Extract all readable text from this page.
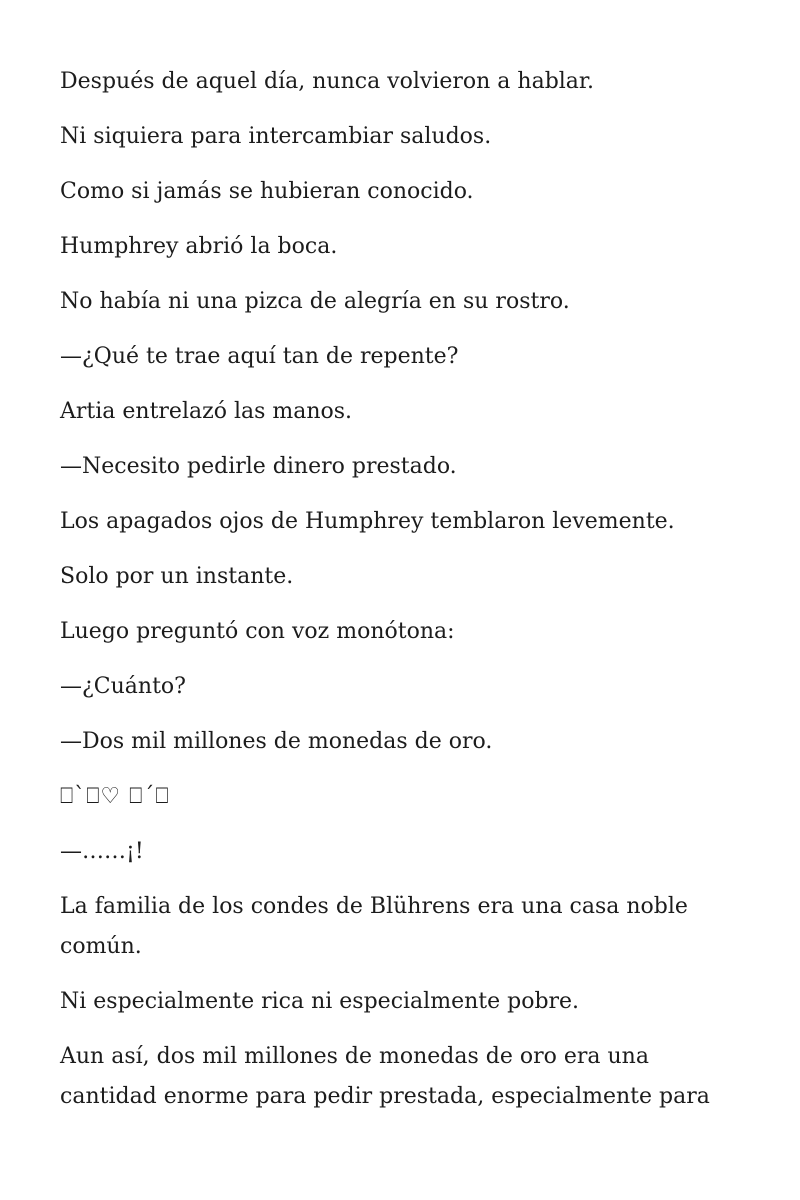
Después de aquel día, nunca volvieron a hablar.

Ni siquiera para intercambiar saludos.

Como si jamás se hubieran conocido.

Humphrey abrió la boca.

No había ni una pizca de alegría en su rostro.

—¿Qué te trae aquí tan de repente?

Artia entrelazó las manos.

—Necesito pedirle dinero prestado.

Los apagados ojos de Humphrey temblaron levemente.

Solo por un instante.

Luego preguntó con voz monótona:

—¿Cuánto?

—Dos mil millones de monedas de oro.

⎕`⎕♡ ⎕´⎕

—……¡!

La familia de los condes de Blührens era una casa noble común.

Ni especialmente rica ni especialmente pobre.

Aun así, dos mil millones de monedas de oro era una cantidad enorme para pedir prestada, especialmente para
